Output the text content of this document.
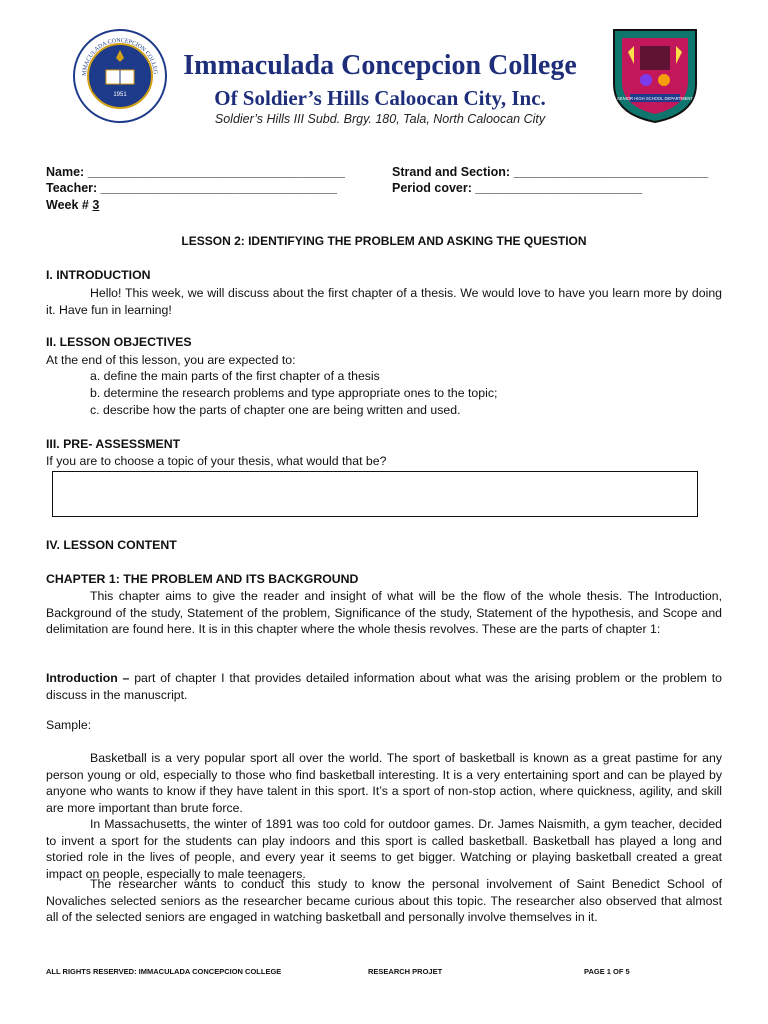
MMACULADA CONCEPCION COLLEG
ntegrity · Leadership · Excellenc
1951
Immaculada Concepcion College
Of Soldier’s Hills Caloocan City, Inc.
Soldier’s Hills III Subd. Brgy. 180, Tala, North Caloocan City
SENIOR HIGH SCHOOL DEPARTMENT
Name: _____________________________________	Strand and Section: ____________________________
Teacher: __________________________________	Period cover: ________________________
Week # 3
LESSON 2: IDENTIFYING THE PROBLEM AND ASKING THE QUESTION
I. INTRODUCTION
Hello! This week, we will discuss about the first chapter of a thesis. We would love to have you learn more by doing it. Have fun in learning!
II. LESSON OBJECTIVES
At the end of this lesson, you are expected to:
a. define the main parts of the first chapter of a thesis
b. determine the research problems and type appropriate ones to the topic;
c. describe how the parts of chapter one are being written and used.
III. PRE- ASSESSMENT
If you are to choose a topic of your thesis, what would that be?
IV. LESSON CONTENT
CHAPTER 1: THE PROBLEM AND ITS BACKGROUND
This chapter aims to give the reader and insight of what will be the flow of the whole thesis. The Introduction, Background of the study, Statement of the problem, Significance of the study, Statement of the hypothesis, and Scope and delimitation are found here. It is in this chapter where the whole thesis revolves. These are the parts of chapter 1:
Introduction – part of chapter I that provides detailed information about what was the arising problem or the problem to discuss in the manuscript.
Sample:
Basketball is a very popular sport all over the world. The sport of basketball is known as a great pastime for any person young or old, especially to those who find basketball interesting. It is a very entertaining sport and can be played by anyone who wants to know if they have talent in this sport. It’s a sport of non-stop action, where quickness, agility, and skill are more important than brute force.
In Massachusetts, the winter of 1891 was too cold for outdoor games. Dr. James Naismith, a gym teacher, decided to invent a sport for the students can play indoors and this sport is called basketball. Basketball has played a long and storied role in the lives of people, and every year it seems to get bigger. Watching or playing basketball created a great impact on people, especially to male teenagers.
The researcher wants to conduct this study to know the personal involvement of Saint Benedict School of Novaliches selected seniors as the researcher became curious about this topic. The researcher also observed that almost all of the selected seniors are engaged in watching basketball and personally involve themselves in it.
ALL RIGHTS RESERVED: IMMACULADA CONCEPCION COLLEGE	RESEARCH PROJET	PAGE 1 OF 5
